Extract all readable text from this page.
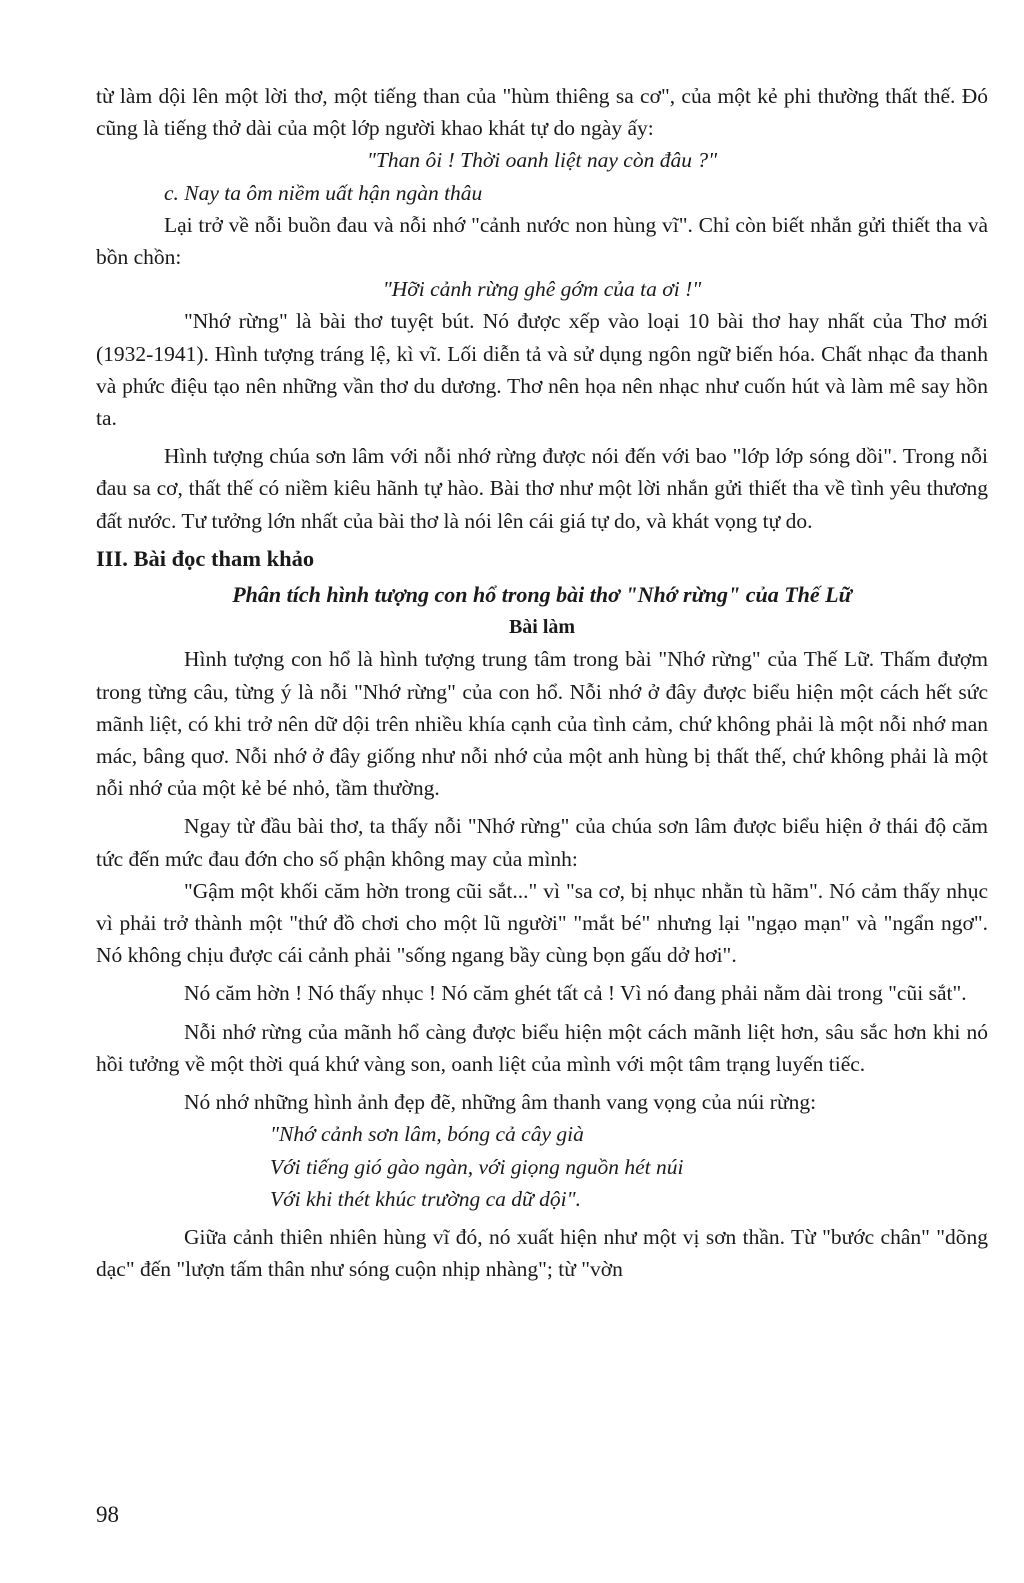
từ làm dội lên một lời thơ, một tiếng than của "hùm thiêng sa cơ", của một kẻ phi thường thất thế. Đó cũng là tiếng thở dài của một lớp người khao khát tự do ngày ấy:

"Than ôi ! Thời oanh liệt nay còn đâu ?"

c. Nay ta ôm niềm uất hận ngàn thâu

Lại trở về nỗi buồn đau và nỗi nhớ "cảnh nước non hùng vĩ". Chỉ còn biết nhắn gửi thiết tha và bồn chồn:

"Hỡi cảnh rừng ghê gớm của ta ơi !"

"Nhớ rừng" là bài thơ tuyệt bút. Nó được xếp vào loại 10 bài thơ hay nhất của Thơ mới (1932-1941). Hình tượng tráng lệ, kì vĩ. Lối diễn tả và sử dụng ngôn ngữ biến hóa. Chất nhạc đa thanh và phức điệu tạo nên những vần thơ du dương. Thơ nên họa nên nhạc như cuốn hút và làm mê say hồn ta.

Hình tượng chúa sơn lâm với nỗi nhớ rừng được nói đến với bao "lớp lớp sóng dồi". Trong nỗi đau sa cơ, thất thế có niềm kiêu hãnh tự hào. Bài thơ như một lời nhắn gửi thiết tha về tình yêu thương đất nước. Tư tưởng lớn nhất của bài thơ là nói lên cái giá tự do, và khát vọng tự do.

III. Bài đọc tham khảo

Phân tích hình tượng con hổ trong bài thơ "Nhớ rừng" của Thế Lữ

Bài làm

Hình tượng con hổ là hình tượng trung tâm trong bài "Nhớ rừng" của Thế Lữ. Thấm đượm trong từng câu, từng ý là nỗi "Nhớ rừng" của con hổ. Nỗi nhớ ở đây được biểu hiện một cách hết sức mãnh liệt, có khi trở nên dữ dội trên nhiều khía cạnh của tình cảm, chứ không phải là một nỗi nhớ man mác, bâng quơ. Nỗi nhớ ở đây giống như nỗi nhớ của một anh hùng bị thất thế, chứ không phải là một nỗi nhớ của một kẻ bé nhỏ, tầm thường.

Ngay từ đầu bài thơ, ta thấy nỗi "Nhớ rừng" của chúa sơn lâm được biểu hiện ở thái độ căm tức đến mức đau đớn cho số phận không may của mình:

"Gậm một khối căm hờn trong cũi sắt..." vì "sa cơ, bị nhục nhằn tù hãm". Nó cảm thấy nhục vì phải trở thành một "thứ đồ chơi cho một lũ người" "mắt bé" nhưng lại "ngạo mạn" và "ngẩn ngơ". Nó không chịu được cái cảnh phải "sống ngang bầy cùng bọn gấu dở hơi".

Nó căm hờn ! Nó thấy nhục ! Nó căm ghét tất cả ! Vì nó đang phải nằm dài trong "cũi sắt".

Nỗi nhớ rừng của mãnh hổ càng được biểu hiện một cách mãnh liệt hơn, sâu sắc hơn khi nó hồi tưởng về một thời quá khứ vàng son, oanh liệt của mình với một tâm trạng luyến tiếc.

Nó nhớ những hình ảnh đẹp đẽ, những âm thanh vang vọng của núi rừng:

"Nhớ cảnh sơn lâm, bóng cả cây già

Với tiếng gió gào ngàn, với giọng nguồn hét núi

Với khi thét khúc trường ca dữ dội".

Giữa cảnh thiên nhiên hùng vĩ đó, nó xuất hiện như một vị sơn thần. Từ "bước chân" "dõng dạc" đến "lượn tấm thân như sóng cuộn nhịp nhàng"; từ "vờn

98
